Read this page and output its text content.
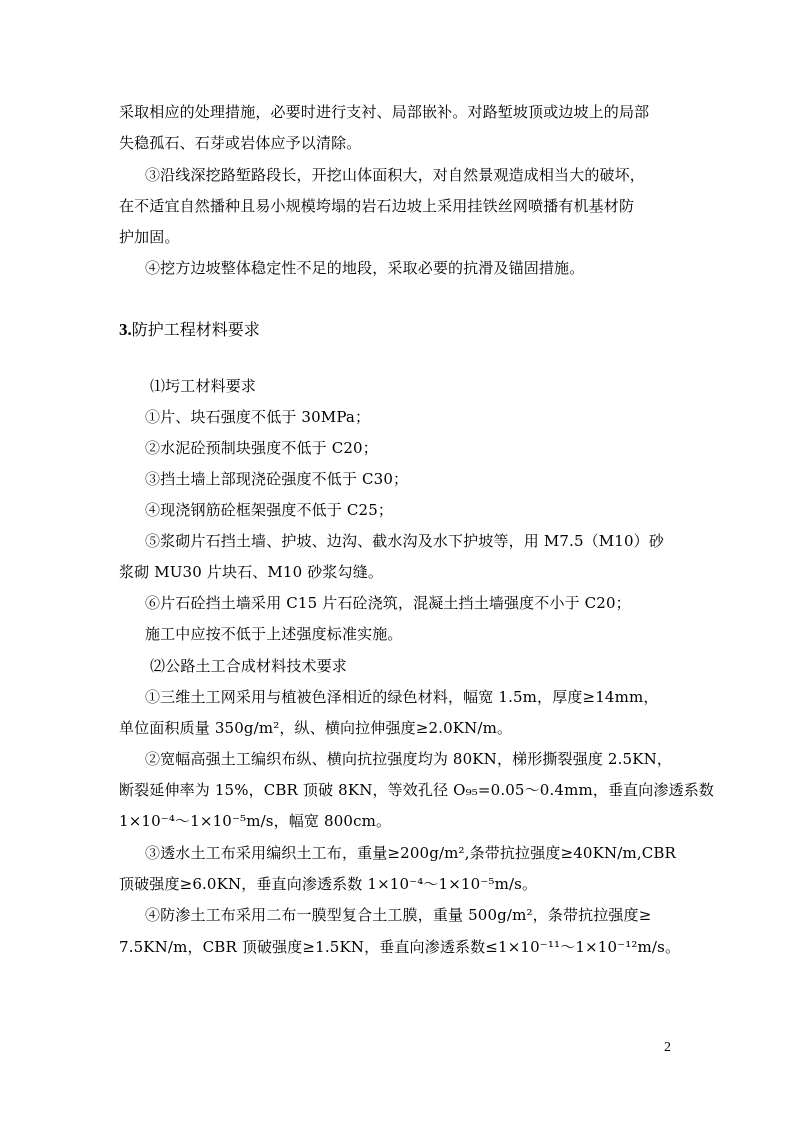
采取相应的处理措施，必要时进行支衬、局部嵌补。对路堑坡顶或边坡上的局部
失稳孤石、石芽或岩体应予以清除。
③沿线深挖路堑路段长，开挖山体面积大，对自然景观造成相当大的破坏，
在不适宜自然播种且易小规模垮塌的岩石边坡上采用挂铁丝网喷播有机基材防
护加固。
④挖方边坡整体稳定性不足的地段，采取必要的抗滑及锚固措施。
3.防护工程材料要求
⑴圬工材料要求
①片、块石强度不低于 30MPa；
②水泥砼预制块强度不低于 C20；
③挡土墙上部现浇砼强度不低于 C30；
④现浇钢筋砼框架强度不低于 C25；
⑤浆砌片石挡土墙、护坡、边沟、截水沟及水下护坡等，用 M7.5（M10）砂
浆砌 MU30 片块石、M10 砂浆勾缝。
⑥片石砼挡土墙采用 C15 片石砼浇筑，混凝土挡土墙强度不小于 C20；
施工中应按不低于上述强度标准实施。
⑵公路土工合成材料技术要求
①三维土工网采用与植被色泽相近的绿色材料，幅宽 1.5m，厚度≥14mm，
单位面积质量 350g/m²，纵、横向拉伸强度≥2.0KN/m。
②宽幅高强土工编织布纵、横向抗拉强度均为 80KN，梯形撕裂强度 2.5KN，
断裂延伸率为 15%，CBR 顶破 8KN，等效孔径 O₉₅=0.05～0.4mm，垂直向渗透系数
1×10⁻⁴～1×10⁻⁵m/s，幅宽 800cm。
③透水土工布采用编织土工布，重量≥200g/m²,条带抗拉强度≥40KN/m,CBR
顶破强度≥6.0KN，垂直向渗透系数 1×10⁻⁴～1×10⁻⁵m/s。
④防渗土工布采用二布一膜型复合土工膜，重量 500g/m²，条带抗拉强度≥
7.5KN/m，CBR 顶破强度≥1.5KN，垂直向渗透系数≤1×10⁻¹¹～1×10⁻¹²m/s。
2
